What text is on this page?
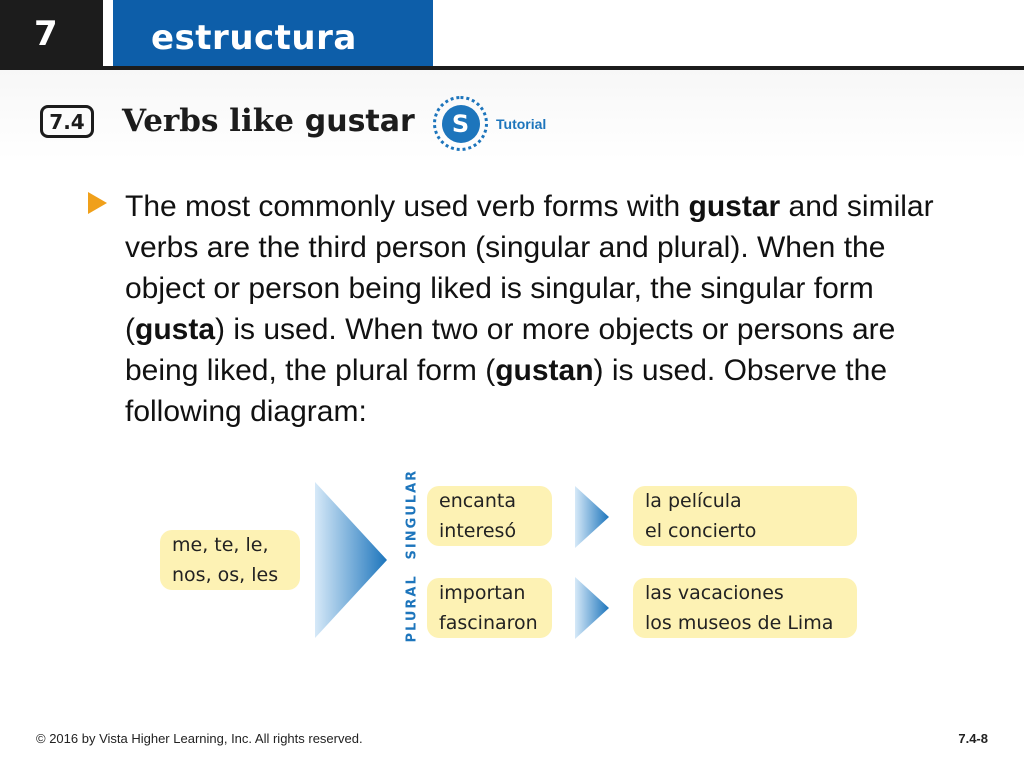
7	estructura
7.4 Verbs like gustar	S	Tutorial

The most commonly used verb forms with gustar and similar verbs are the third person (singular and plural). When the object or person being liked is singular, the singular form (gusta) is used. When two or more objects or persons are being liked, the plural form (gustan) is used. Observe the following diagram:

me, te, le,
nos, os, les
SINGULAR
PLURAL
encanta
interesó
importan
fascinaron
la película
el concierto
las vacaciones
los museos de Lima
© 2016 by Vista Higher Learning, Inc. All rights reserved.	7.4-8
